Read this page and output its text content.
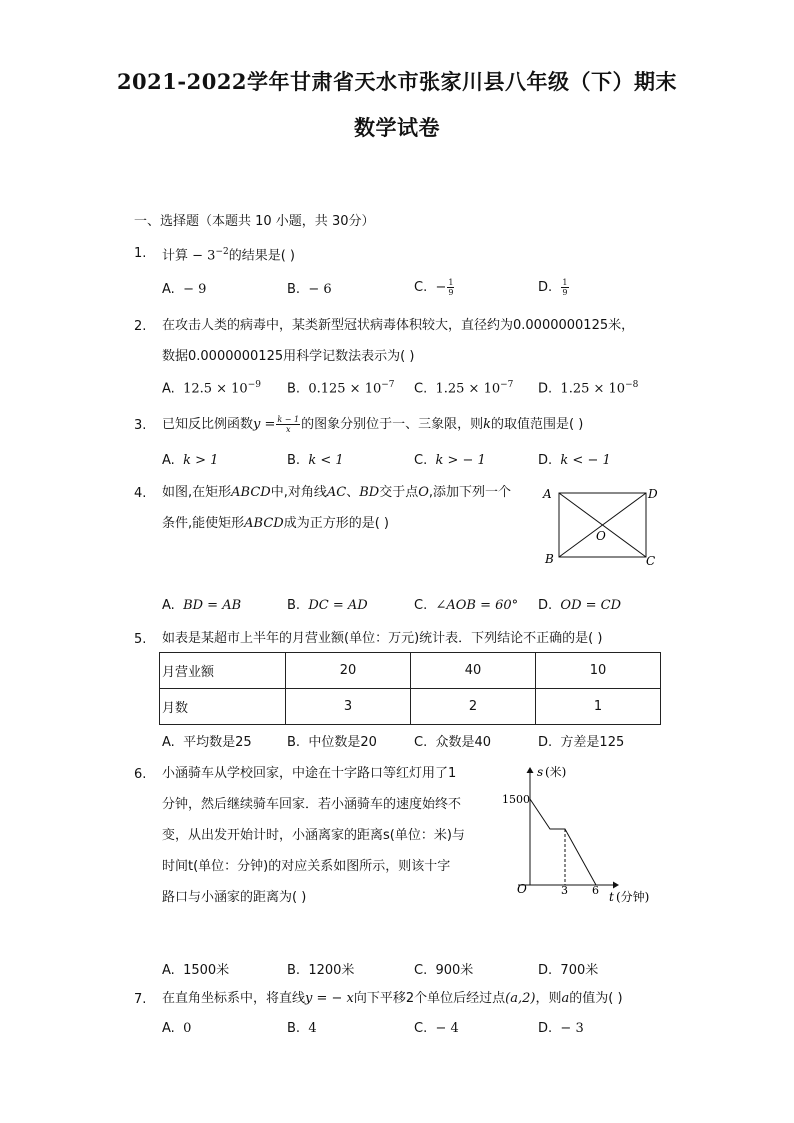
2021-2022学年甘肃省天水市张家川县八年级（下）期末
数学试卷
一、选择题（本题共 10 小题，共 30分）
1. 计算 − $3^{-2}$的结果是( )
A. − 9	B. − 6	C. − $\frac{1}{9}$	D. $\frac{1}{9}$
2. 在攻击人类的病毒中，某类新型冠状病毒体积较大，直径约为0.0000000125米，
数据0.0000000125用科学记数法表示为( )
A. $12.5 \times 10^{-9}$ B. $0.125 \times 10^{-7}$ C. $1.25 \times 10^{-7}$ D. $1.25 \times 10^{-8}$
3. 已知反比例函数$y = \frac{k - 1}{x}$ 的图象分别位于一、三象限，则k的取值范围是( )
A. k > 1	B. k < 1	C. k > − 1	D. k < − 1
4. 如图,在矩形ABCD中,对角线AC、BD交于点O,添加下列一个
条件,能使矩形ABCD成为正方形的是( )
A	D
B	C
O
A. BD = AB	B. DC = AD	C. ∠AOB = 60° D. OD = CD
5. 如表是某超市上半年的月营业额(单位：万元)统计表．下列结论不正确的是( )
月营业额	20	40	10
月数	3	2	1
A. 平均数是25	B. 中位数是20	C. 众数是40	D. 方差是125
6. 小涵骑车从学校回家，中途在十字路口等红灯用了1
分钟，然后继续骑车回家．若小涵骑车的速度始终不
变，从出发开始计时，小涵离家的距离s(单位：米)与
时间t(单位：分钟)的对应关系如图所示，则该十字
路口与小涵家的距离为( )
s (米)
1500
O	3 6 t (分钟)
A. 1500米	B. 1200米	C. 900米	D. 700米
7. 在直角坐标系中，将直线y = − x向下平移2个单位后经过点(a,2)，则a的值为( )
A. 0	B. 4	C. − 4	D. − 3
